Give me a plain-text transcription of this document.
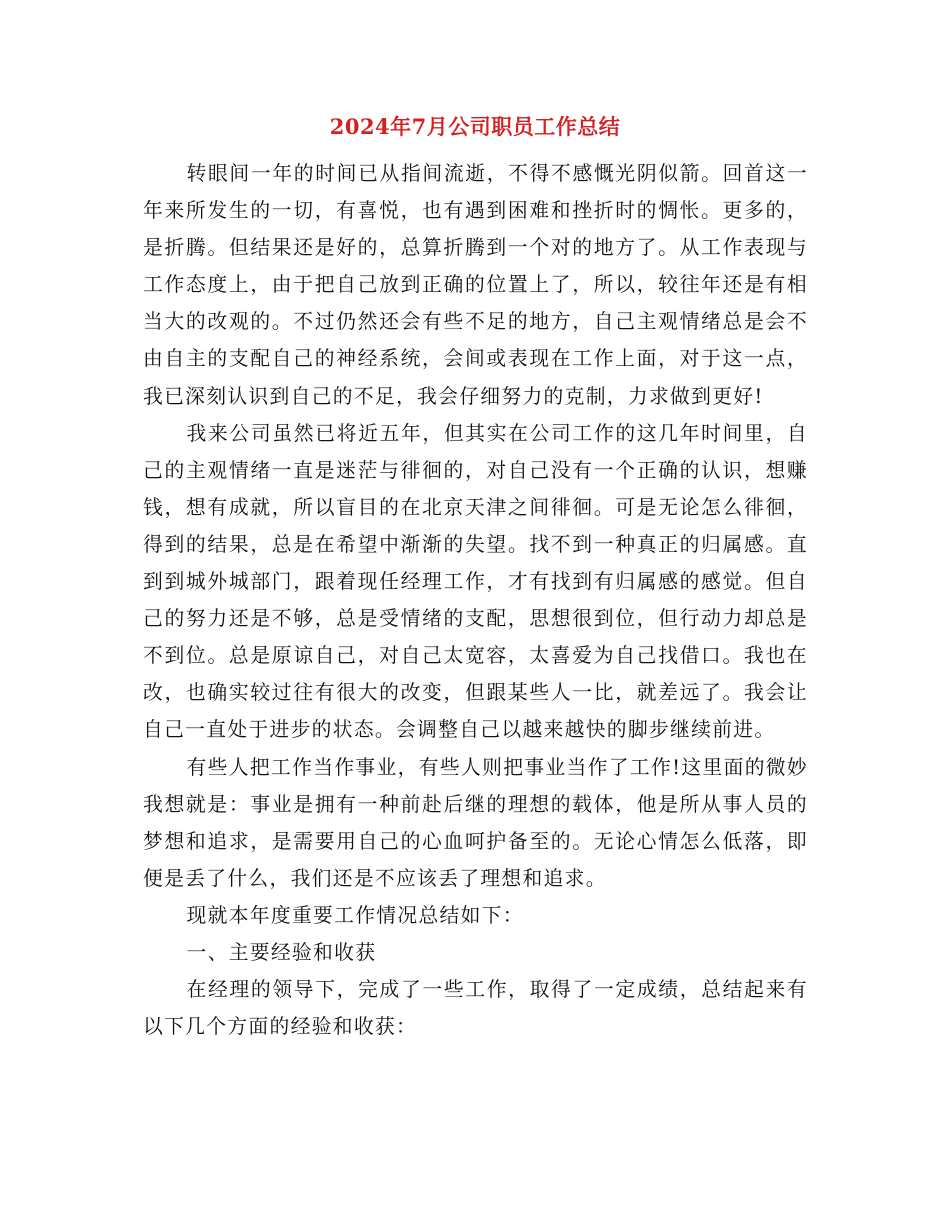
2024年7月公司职员工作总结

转眼间一年的时间已从指间流逝，不得不感慨光阴似箭。回首这一年来所发生的一切，有喜悦，也有遇到困难和挫折时的惆怅。更多的，是折腾。但结果还是好的，总算折腾到一个对的地方了。从工作表现与工作态度上，由于把自己放到正确的位置上了，所以，较往年还是有相当大的改观的。不过仍然还会有些不足的地方，自己主观情绪总是会不由自主的支配自己的神经系统，会间或表现在工作上面，对于这一点，我已深刻认识到自己的不足，我会仔细努力的克制，力求做到更好!

我来公司虽然已将近五年，但其实在公司工作的这几年时间里，自己的主观情绪一直是迷茫与徘徊的，对自己没有一个正确的认识，想赚钱，想有成就，所以盲目的在北京天津之间徘徊。可是无论怎么徘徊，得到的结果，总是在希望中渐渐的失望。找不到一种真正的归属感。直到到城外城部门，跟着现任经理工作，才有找到有归属感的感觉。但自己的努力还是不够，总是受情绪的支配，思想很到位，但行动力却总是不到位。总是原谅自己，对自己太宽容，太喜爱为自己找借口。我也在改，也确实较过往有很大的改变，但跟某些人一比，就差远了。我会让自己一直处于进步的状态。会调整自己以越来越快的脚步继续前进。

有些人把工作当作事业，有些人则把事业当作了工作!这里面的微妙我想就是：事业是拥有一种前赴后继的理想的载体，他是所从事人员的梦想和追求，是需要用自己的心血呵护备至的。无论心情怎么低落，即便是丢了什么，我们还是不应该丢了理想和追求。

现就本年度重要工作情况总结如下：

一、主要经验和收获

在经理的领导下，完成了一些工作，取得了一定成绩，总结起来有以下几个方面的经验和收获：
